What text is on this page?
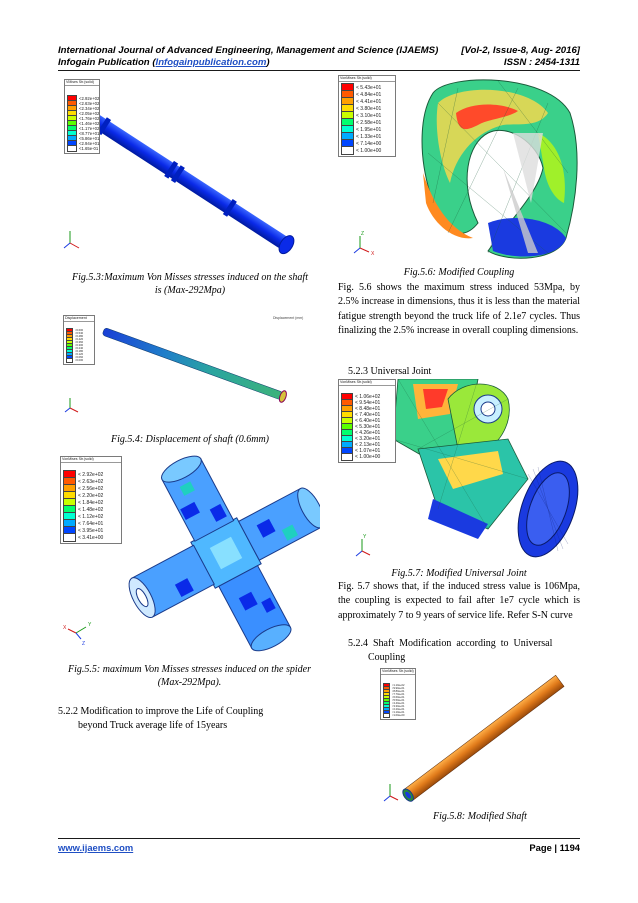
International Journal of Advanced Engineering, Management and Science (IJAEMS) [Vol-2, Issue-8, Aug- 2016]
Infogain Publication (Infogainpublication.com)	ISSN : 2454-1311
VMises Str.(solid)
<2.92e+02
<2.63e+02
<2.34e+02
<2.05e+02
<1.76e+02
<1.46e+02
<1.17e+02
<8.77e+01
<5.86e+01
<2.94e+01
<1.65e-01
Fig.5.3:Maximum Von Misses stresses induced on the shaft is (Max-292Mpa)
Displacement (mm)
Displacement
<0.600
<0.540
<0.480
<0.420
<0.360
<0.300
<0.240
<0.180
<0.120
<0.060
<0.000
Fig.5.4: Displacement of shaft (0.6mm)
Y
X
Z
VonMises Str.(solid)
< 2.92e+02
< 2.63e+02
< 2.56e+02
< 2.20e+02
< 1.84e+02
< 1.48e+02
< 1.12e+02
< 7.64e+01
< 3.95e+01
< 3.41e+00
Fig.5.5: maximum Von Misses stresses induced on the spider (Max-292Mpa).
5.2.2 Modification to improve the Life of Coupling
beyond Truck average life of 15years
Z
X
VonMises Str.(solid)
< 5.43e+01
< 4.84e+01
< 4.41e+01
< 3.80e+01
< 3.10e+01
< 2.58e+01
< 1.95e+01
< 1.33e+01
< 7.14e+00
< 1.00e+00
Fig.5.6: Modified Coupling
Fig. 5.6 shows the maximum stress induced 53Mpa, by 2.5% increase in dimensions, thus it is less than the material fatigue strength beyond the truck life of 2.1e7 cycles. Thus finalizing the 2.5% increase in overall coupling dimensions.
5.2.3 Universal Joint
Y
VonMises Str.(solid)
< 1.06e+02
< 9.54e+01
< 8.48e+01
< 7.40e+01
< 6.40e+01
< 5.30e+01
< 4.26e+01
< 3.20e+01
< 2.13e+01
< 1.07e+01
< 1.00e+00
Fig.5.7: Modified Universal Joint
Fig. 5.7 shows that, if the induced stress value is 106Mpa, the coupling is expected to fail after 1e7 cycle which is approximately 7 to 9 years of service life. Refer S-N curve
5.2.4  Shaft  Modification  according  to  Universal
Coupling
VonMises Str.(solid)
<1.10e+02
<9.90e+01
<8.80e+01
<7.70e+01
<6.60e+01
<5.50e+01
<4.40e+01
<3.30e+01
<2.20e+01
<1.10e+01
<1.00e+00
Fig.5.8: Modified Shaft
www.ijaems.com	Page | 1194
